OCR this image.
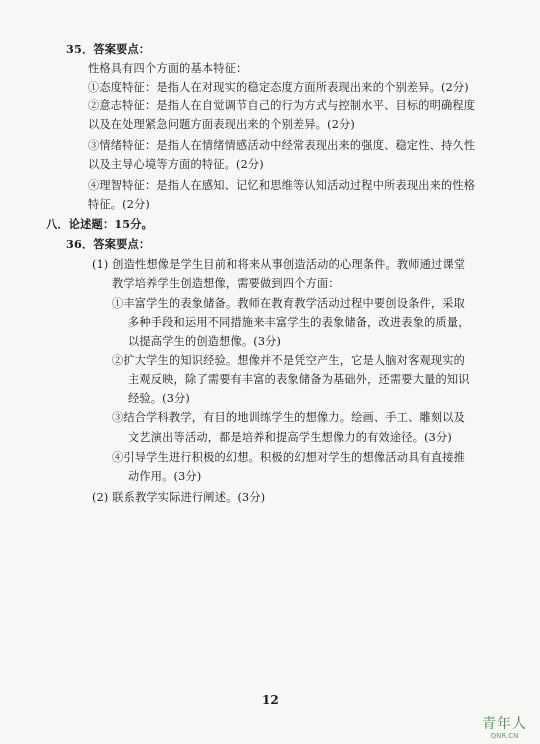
35．答案要点：
性格具有四个方面的基本特征：
①态度特征：是指人在对现实的稳定态度方面所表现出来的个别差异。(2分)
②意志特征：是指人在自觉调节自己的行为方式与控制水平、目标的明确程度
以及在处理紧急问题方面表现出来的个别差异。(2分)
③情绪特征：是指人在情绪情感活动中经常表现出来的强度、稳定性、持久性
以及主导心境等方面的特征。(2分)
④理智特征：是指人在感知、记忆和思维等认知活动过程中所表现出来的性格
特征。(2分)
八．论述题：15分。
36．答案要点：
(1) 创造性想像是学生目前和将来从事创造活动的心理条件。教师通过课堂
教学培养学生创造想像，需要做到四个方面：
①丰富学生的表象储备。教师在教育教学活动过程中要创设条件，采取
多种手段和运用不同措施来丰富学生的表象储备，改进表象的质量，
以提高学生的创造想像。(3分)
②扩大学生的知识经验。想像并不是凭空产生，它是人脑对客观现实的
主观反映，除了需要有丰富的表象储备为基础外，还需要大量的知识
经验。(3分)
③结合学科教学，有目的地训练学生的想像力。绘画、手工、雕刻以及
文艺演出等活动，都是培养和提高学生想像力的有效途径。(3分)
④引导学生进行积极的幻想。积极的幻想对学生的想像活动具有直接推
动作用。(3分)
(2) 联系教学实际进行阐述。(3分)
12
青年人
QNR.CN
